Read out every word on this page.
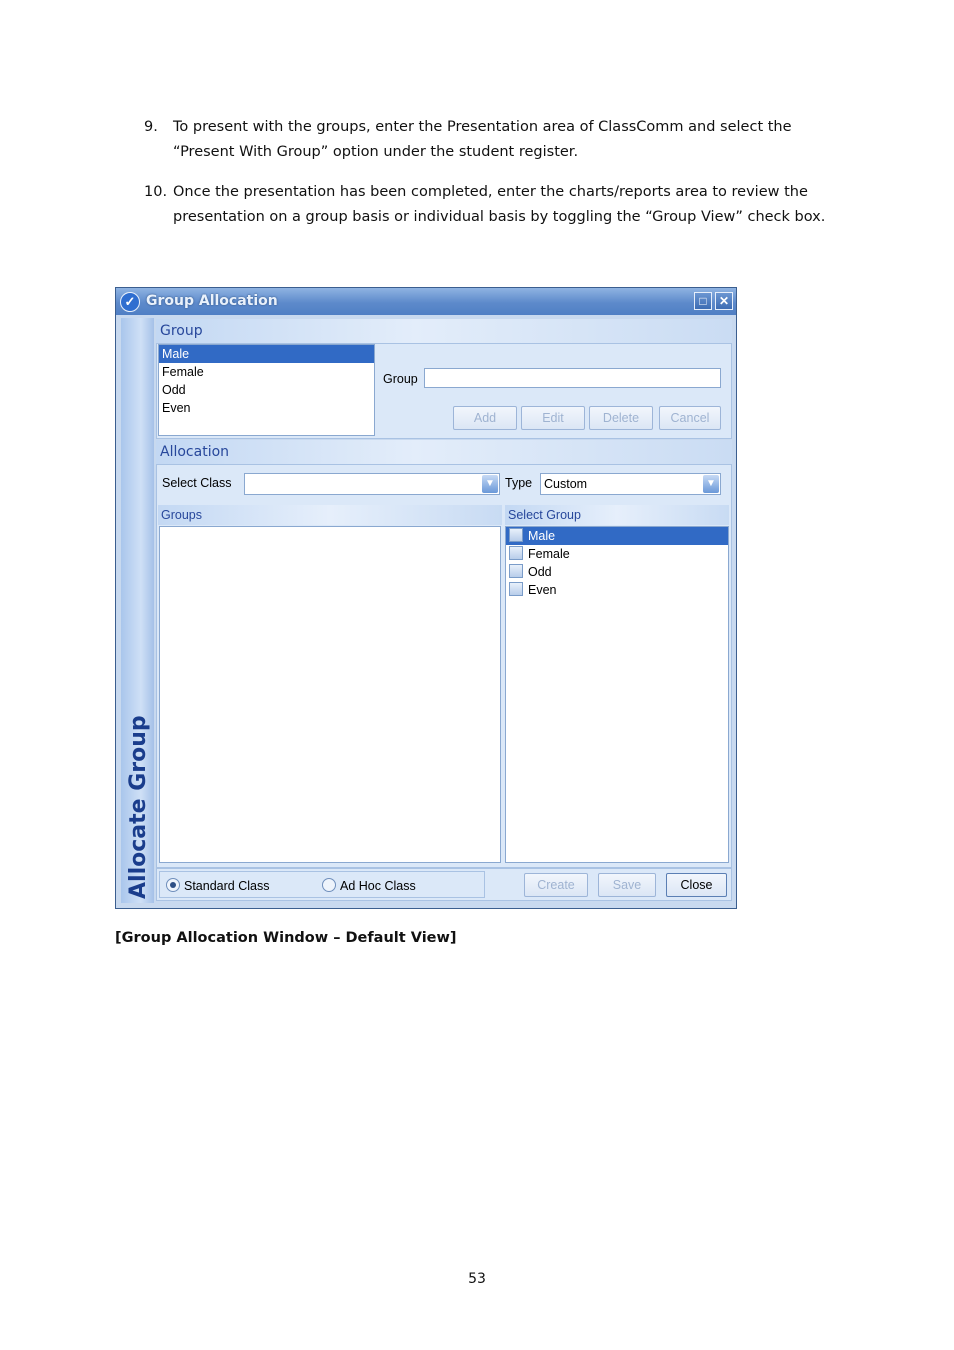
9. To present with the groups, enter the Presentation area of ClassComm and select the “Present With Group” option under the student register.
10. Once the presentation has been completed, enter the charts/reports area to review the presentation on a group basis or individual basis by toggling the “Group View” check box.
✓ Group Allocation	□	✕
Allocate Group
Group
Male
Female
Odd
Even
Group
Add	Edit	Delete	Cancel
Allocation
Select Class	▼ Type Custom	▼
Groups	Select Group
Male
Female
Odd
Even
Standard Class	Ad Hoc Class	Create	Save	Close
[Group Allocation Window – Default View]
53
